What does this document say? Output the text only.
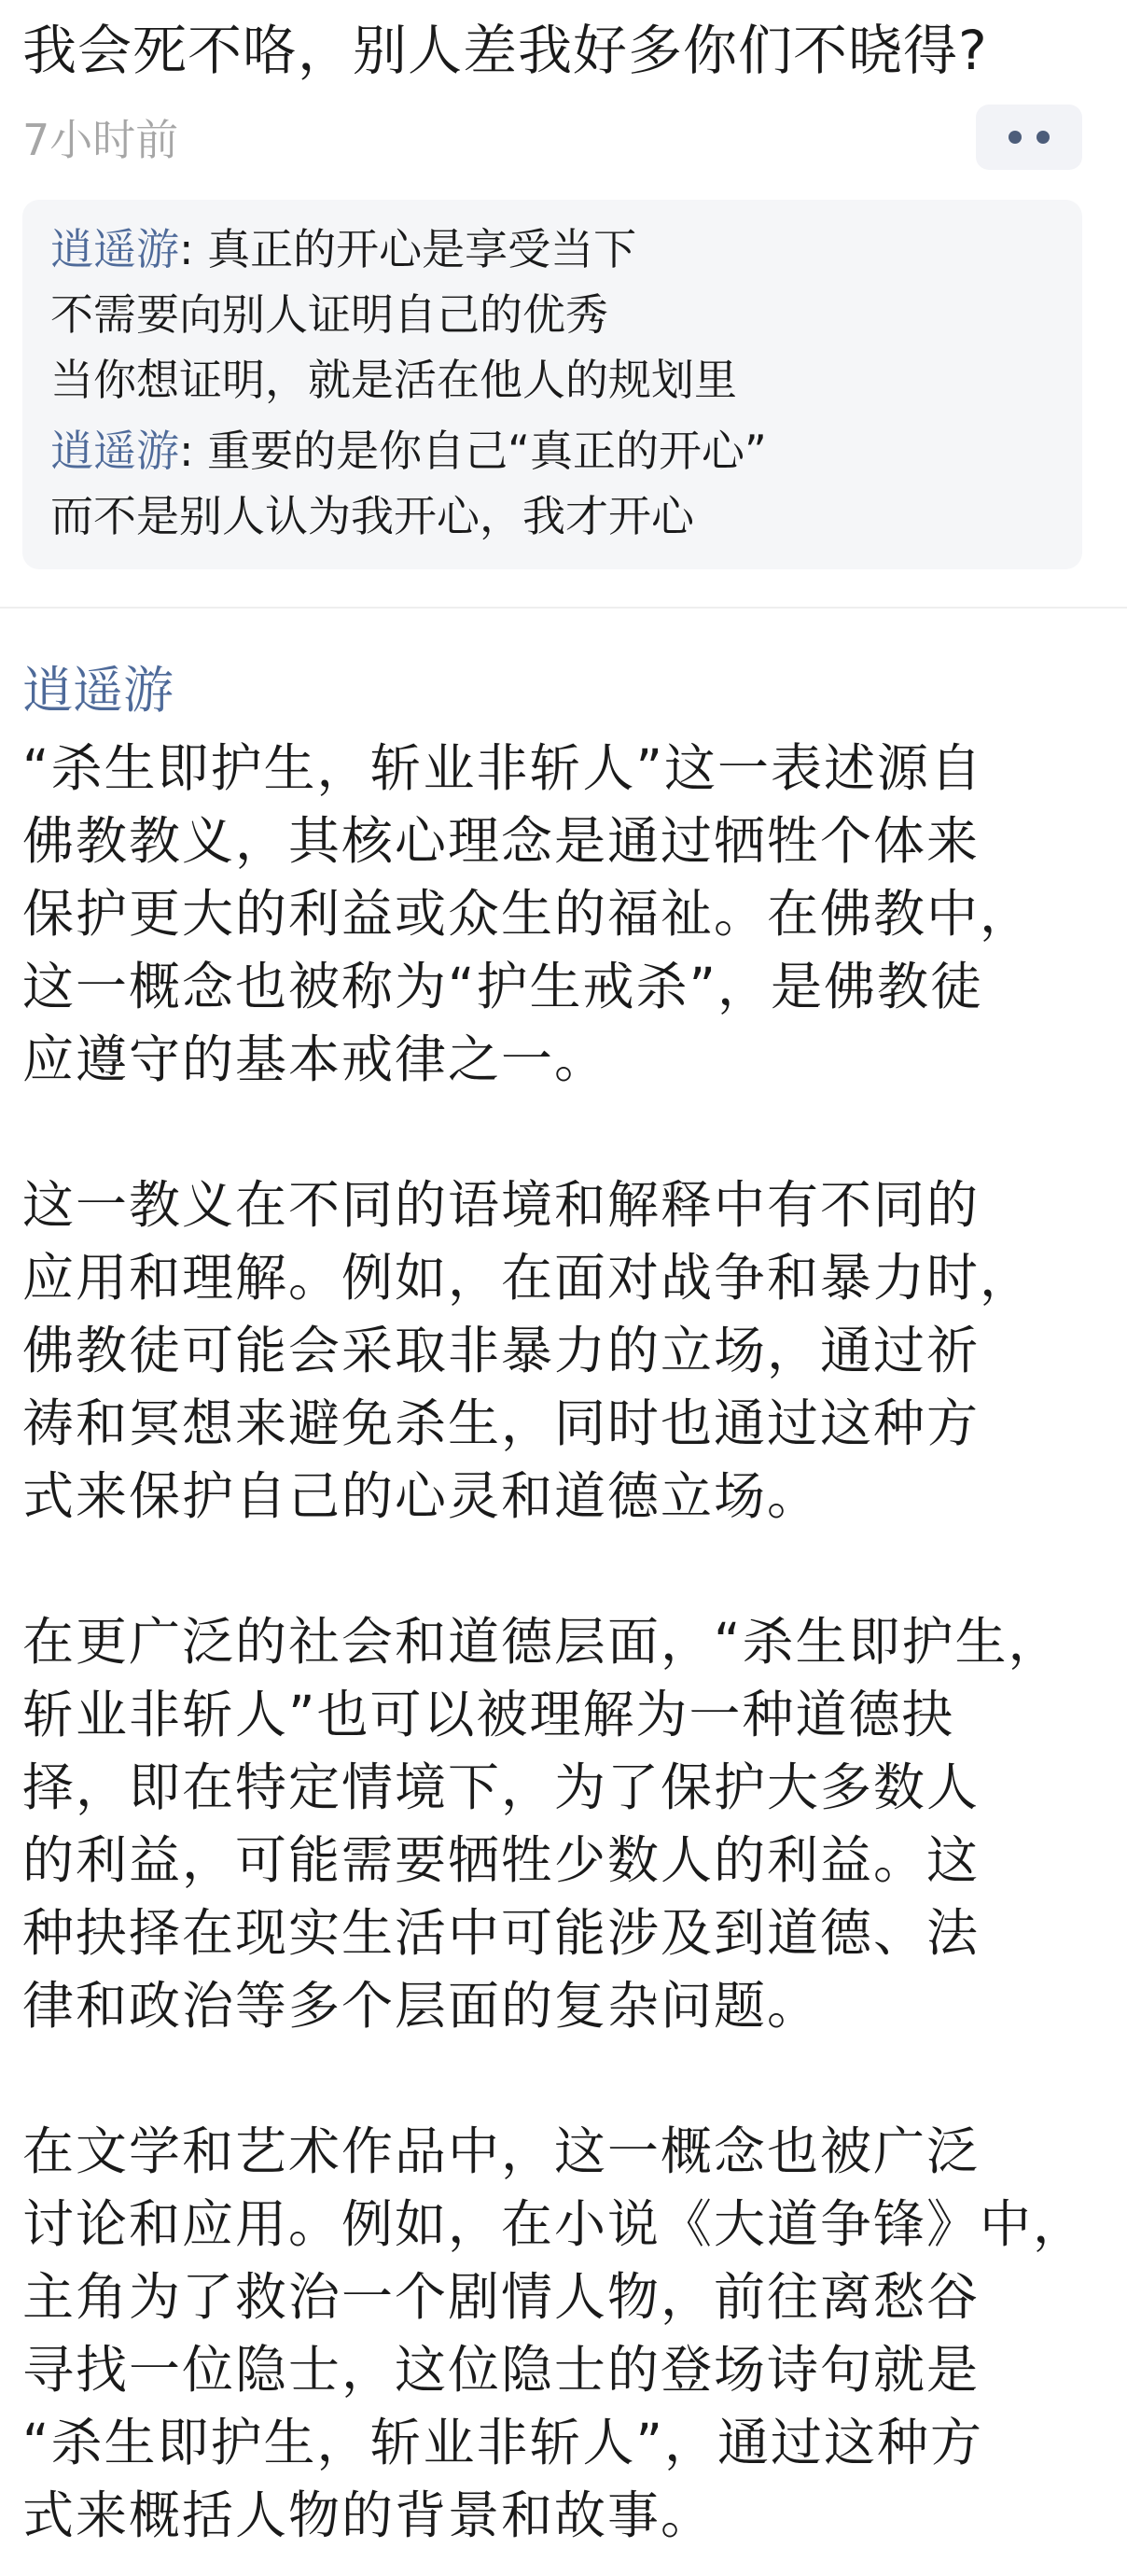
我会死不咯，别人差我好多你们不晓得?
7小时前

逍遥游: 真正的开心是享受当下
不需要向别人证明自己的优秀
当你想证明，就是活在他人的规划里

逍遥游: 重要的是你自己“真正的开心”
而不是别人认为我开心，我才开心

逍遥游

“杀生即护生，斩业非斩人”这一表述源自
佛教教义，其核心理念是通过牺牲个体来
保护更大的利益或众生的福祉。在佛教中，
这一概念也被称为“护生戒杀”，是佛教徒
应遵守的基本戒律之一。

这一教义在不同的语境和解释中有不同的
应用和理解。例如，在面对战争和暴力时，
佛教徒可能会采取非暴力的立场，通过祈
祷和冥想来避免杀生，同时也通过这种方
式来保护自己的心灵和道德立场。

在更广泛的社会和道德层面，“杀生即护生，
斩业非斩人”也可以被理解为一种道德抉
择，即在特定情境下，为了保护大多数人
的利益，可能需要牺牲少数人的利益。这
种抉择在现实生活中可能涉及到道德、法
律和政治等多个层面的复杂问题。

在文学和艺术作品中，这一概念也被广泛
讨论和应用。例如，在小说《大道争锋》中，
主角为了救治一个剧情人物，前往离愁谷
寻找一位隐士，这位隐士的登场诗句就是
“杀生即护生，斩业非斩人”，通过这种方
式来概括人物的背景和故事。
